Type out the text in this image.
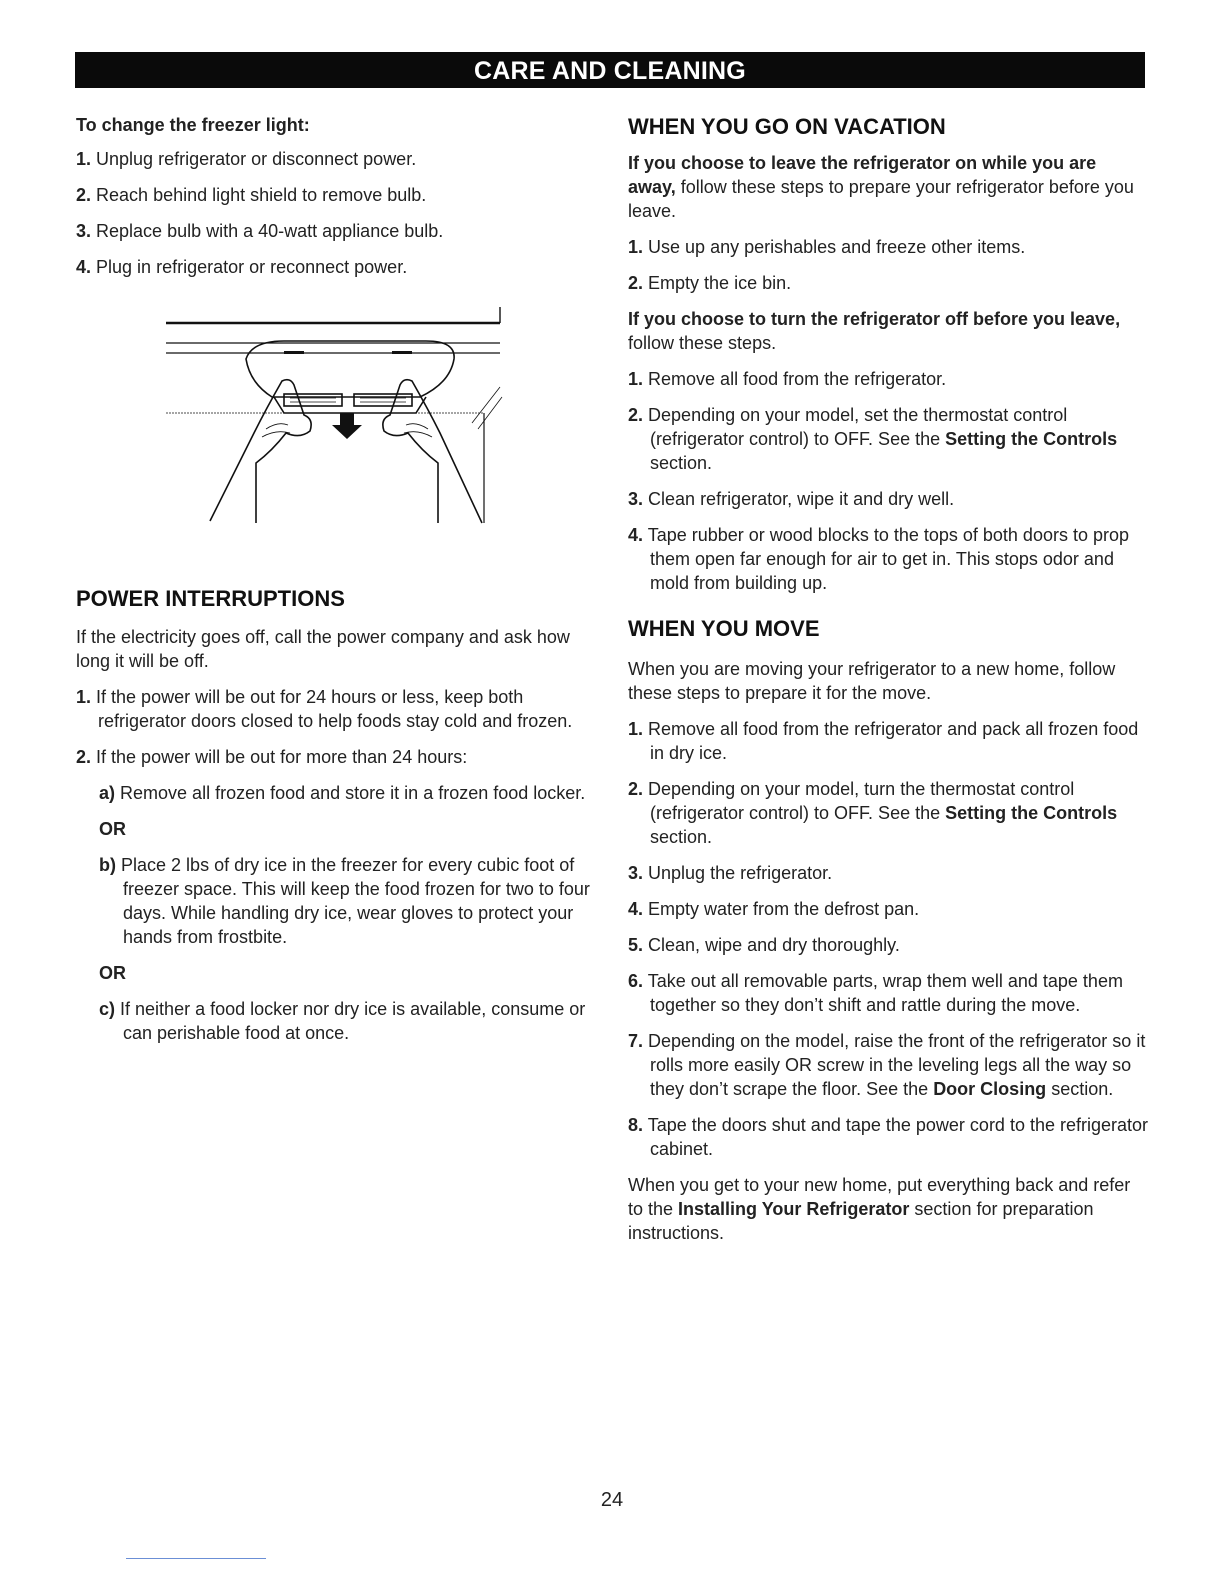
CARE AND CLEANING

To change the freezer light:

1. Unplug refrigerator or disconnect power.

2. Reach behind light shield to remove bulb.

3. Replace bulb with a 40-watt appliance bulb.

4. Plug in refrigerator or reconnect power.

POWER INTERRUPTIONS

If the electricity goes off, call the power company and ask how long it will be off.

1. If the power will be out for 24 hours or less, keep both refrigerator doors closed to help foods stay cold and frozen.

2. If the power will be out for more than 24 hours:

a) Remove all frozen food and store it in a frozen food locker.

OR

b) Place 2 lbs of dry ice in the freezer for every cubic foot of freezer space. This will keep the food frozen for two to four days. While handling dry ice, wear gloves to protect your hands from frostbite.

OR

c) If neither a food locker nor dry ice is available, consume or can perishable food at once.

WHEN YOU GO ON VACATION

If you choose to leave the refrigerator on while you are away, follow these steps to prepare your refrigerator before you leave.

1. Use up any perishables and freeze other items.

2. Empty the ice bin.

If you choose to turn the refrigerator off before you leave, follow these steps.

1. Remove all food from the refrigerator.

2. Depending on your model, set the thermostat control (refrigerator control) to OFF. See the Setting the Controls section.

3. Clean refrigerator, wipe it and dry well.

4. Tape rubber or wood blocks to the tops of both doors to prop them open far enough for air to get in. This stops odor and mold from building up.

WHEN YOU MOVE

When you are moving your refrigerator to a new home, follow these steps to prepare it for the move.

1. Remove all food from the refrigerator and pack all frozen food in dry ice.

2. Depending on your model, turn the thermostat control (refrigerator control) to OFF. See the Setting the Controls section.

3. Unplug the refrigerator.

4. Empty water from the defrost pan.

5. Clean, wipe and dry thoroughly.

6. Take out all removable parts, wrap them well and tape them together so they don’t shift and rattle during the move.

7. Depending on the model, raise the front of the refrigerator so it rolls more easily OR screw in the leveling legs all the way so they don’t scrape the floor. See the Door Closing section.

8. Tape the doors shut and tape the power cord to the refrigerator cabinet.

When you get to your new home, put everything back and refer to the Installing Your Refrigerator section for preparation instructions.

24
